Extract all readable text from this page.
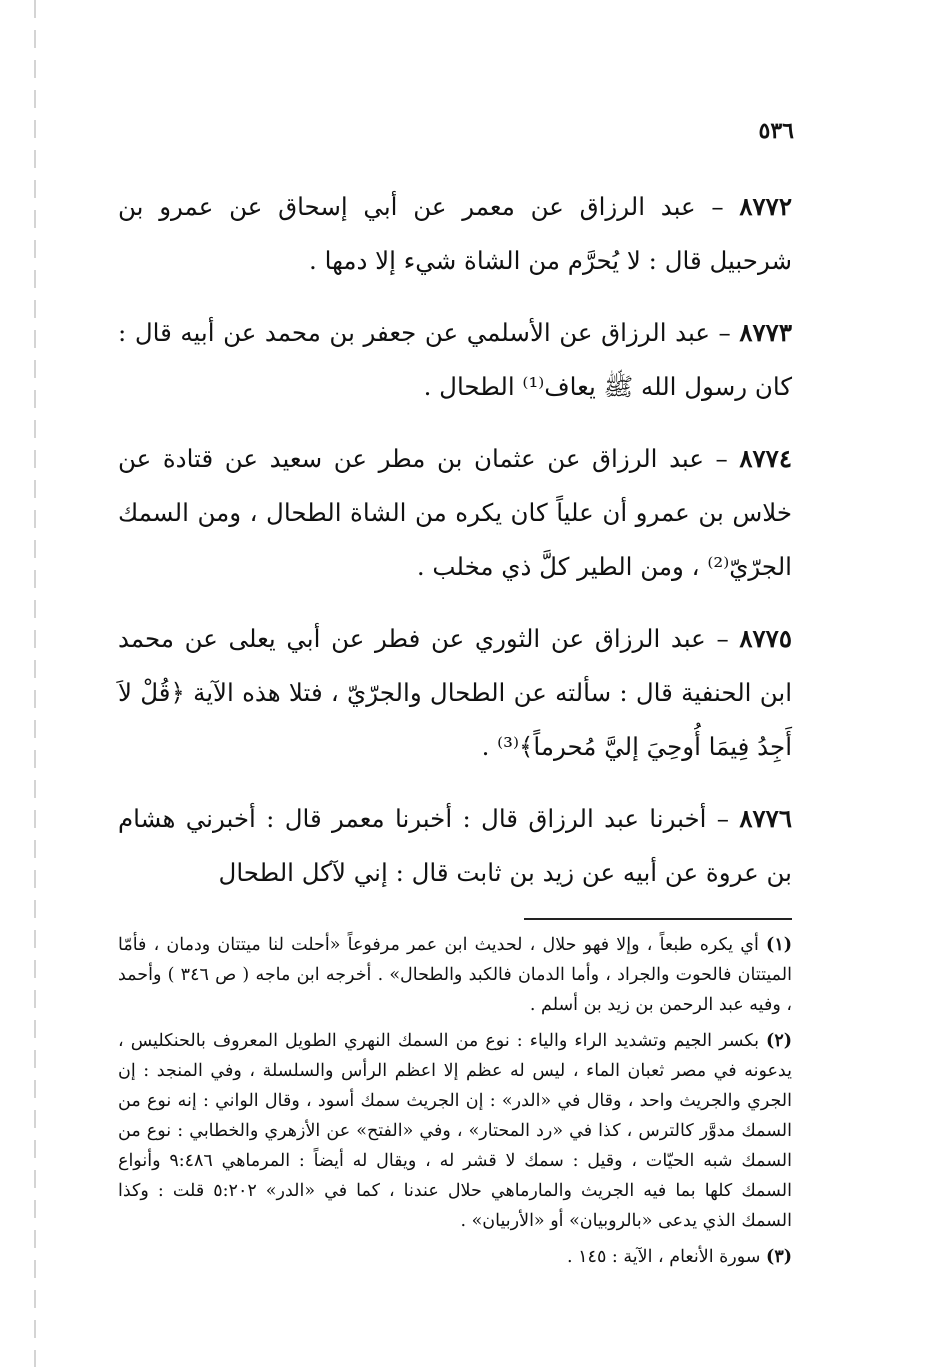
٥٣٦

٨٧٧٢ – عبد الرزاق عن معمر عن أبي إسحاق عن عمرو بن شرحبيل قال : لا يُحرَّم من الشاة شيء إلا دمها .

٨٧٧٣ – عبد الرزاق عن الأسلمي عن جعفر بن محمد عن أبيه قال : كان رسول الله ﷺ يعاف⁽¹⁾ الطحال .

٨٧٧٤ – عبد الرزاق عن عثمان بن مطر عن سعيد عن قتادة عن خلاس بن عمرو أن علياً كان يكره من الشاة الطحال ، ومن السمك الجرّيّ⁽²⁾ ، ومن الطير كلَّ ذي مخلب .

٨٧٧٥ – عبد الرزاق عن الثوري عن فطر عن أبي يعلى عن محمد ابن الحنفية قال : سألته عن الطحال والجرّيّ ، فتلا هذه الآية ﴿قُلْ لاَ أَجِدُ فِيمَا أُوحِيَ إليَّ مُحرماً﴾⁽³⁾ .

٨٧٧٦ – أخبرنا عبد الرزاق قال : أخبرنا معمر قال : أخبرني هشام بن عروة عن أبيه عن زيد بن ثابت قال : إني لآكل الطحال

(١) أي يكره طبعاً ، وإلا فهو حلال ، لحديث ابن عمر مرفوعاً «أحلت لنا ميتتان ودمان ، فأمّا الميتتان فالحوت والجراد ، وأما الدمان فالكبد والطحال» . أخرجه ابن ماجه ( ص ٣٤٦ ) وأحمد ، وفيه عبد الرحمن بن زيد بن أسلم .

(٢) بكسر الجيم وتشديد الراء والياء : نوع من السمك النهري الطويل المعروف بالحنكليس ، يدعونه في مصر ثعبان الماء ، ليس له عظم إلا اعظم الرأس والسلسلة ، وفي المنجد : إن الجري والجريث واحد ، وقال في «الدر» : إن الجريث سمك أسود ، وقال الواني : إنه نوع من السمك مدوَّر كالترس ، كذا في «رد المحتار» ، وفي «الفتح» عن الأزهري والخطابي : نوع من السمك شبه الحيّات ، وقيل : سمك لا قشر له ، ويقال له أيضاً : المرماهي ٩:٤٨٦ وأنواع السمك كلها بما فيه الجريث والمارماهي حلال عندنا ، كما في «الدر» ٥:٢٠٢ قلت : وكذا السمك الذي يدعى «بالروبيان» أو «الأربيان» .

(٣) سورة الأنعام ، الآية : ١٤٥ .
